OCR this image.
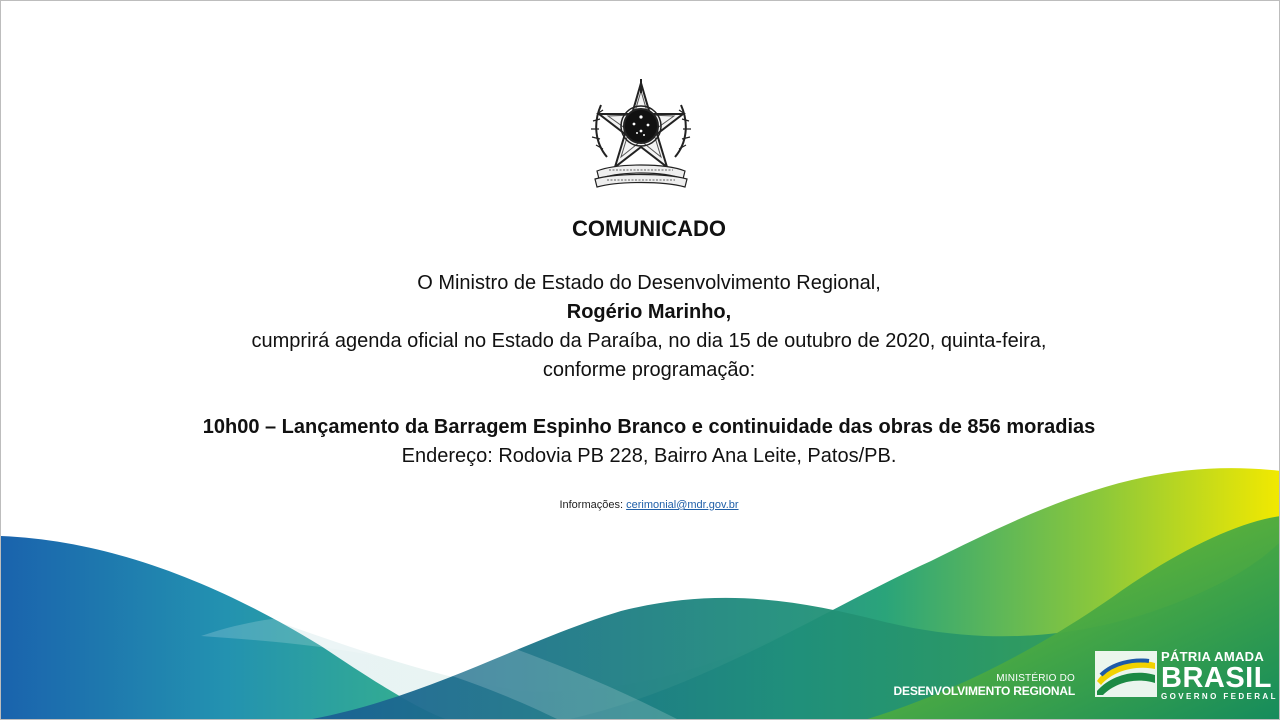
COMUNICADO
O Ministro de Estado do Desenvolvimento Regional,
Rogério Marinho,
cumprirá agenda oficial no Estado da Paraíba, no dia 15 de outubro de 2020, quinta-feira,
conforme programação:
10h00 – Lançamento da Barragem Espinho Branco e continuidade das obras de 856 moradias
Endereço: Rodovia PB 228, Bairro Ana Leite, Patos/PB.
Informações: cerimonial@mdr.gov.br
MINISTÉRIO DO
DESENVOLVIMENTO REGIONAL
PÁTRIA AMADA
BRASIL
GOVERNO FEDERAL
